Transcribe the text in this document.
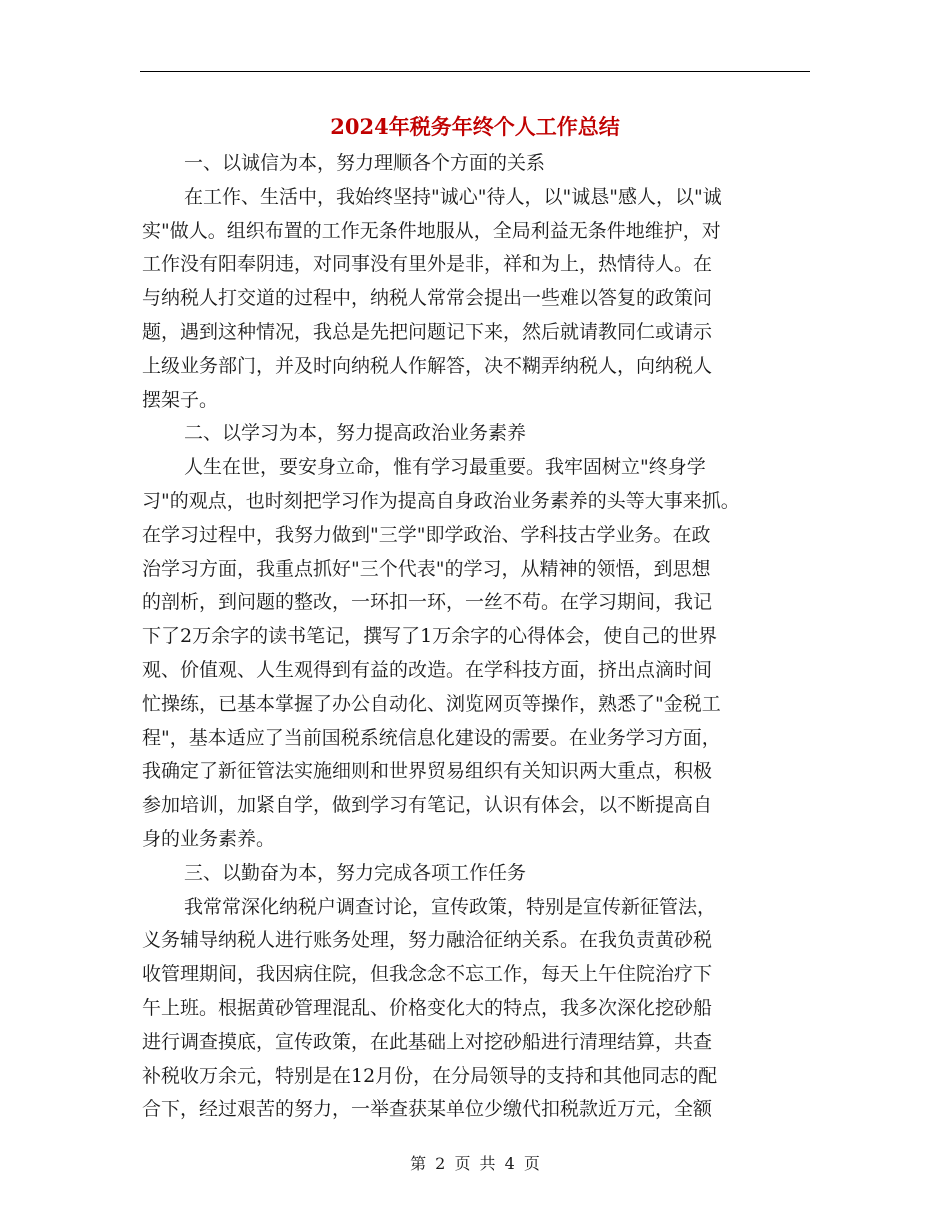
2024年税务年终个人工作总结
一、以诚信为本，努力理顺各个方面的关系
在工作、生活中，我始终坚持"诚心"待人，以"诚恳"感人，以"诚
实"做人。组织布置的工作无条件地服从，全局利益无条件地维护，对
工作没有阳奉阴违，对同事没有里外是非，祥和为上，热情待人。在
与纳税人打交道的过程中，纳税人常常会提出一些难以答复的政策问
题，遇到这种情况，我总是先把问题记下来，然后就请教同仁或请示
上级业务部门，并及时向纳税人作解答，决不糊弄纳税人，向纳税人
摆架子。
二、以学习为本，努力提高政治业务素养
人生在世，要安身立命，惟有学习最重要。我牢固树立"终身学
习"的观点，也时刻把学习作为提高自身政治业务素养的头等大事来抓。
在学习过程中，我努力做到"三学"即学政治、学科技古学业务。在政
治学习方面，我重点抓好"三个代表"的学习，从精神的领悟，到思想
的剖析，到问题的整改，一环扣一环，一丝不苟。在学习期间，我记
下了2万余字的读书笔记，撰写了1万余字的心得体会，使自己的世界
观、价值观、人生观得到有益的改造。在学科技方面，挤出点滴时间
忙操练，已基本掌握了办公自动化、浏览网页等操作，熟悉了"金税工
程"，基本适应了当前国税系统信息化建设的需要。在业务学习方面，
我确定了新征管法实施细则和世界贸易组织有关知识两大重点，积极
参加培训，加紧自学，做到学习有笔记，认识有体会，以不断提高自
身的业务素养。
三、以勤奋为本，努力完成各项工作任务
我常常深化纳税户调查讨论，宣传政策，特别是宣传新征管法，
义务辅导纳税人进行账务处理，努力融洽征纳关系。在我负责黄砂税
收管理期间，我因病住院，但我念念不忘工作，每天上午住院治疗下
午上班。根据黄砂管理混乱、价格变化大的特点，我多次深化挖砂船
进行调查摸底，宣传政策，在此基础上对挖砂船进行清理结算，共查
补税收万余元，特别是在12月份，在分局领导的支持和其他同志的配
合下，经过艰苦的努力，一举查获某单位少缴代扣税款近万元，全额
第 2 页 共 4 页
